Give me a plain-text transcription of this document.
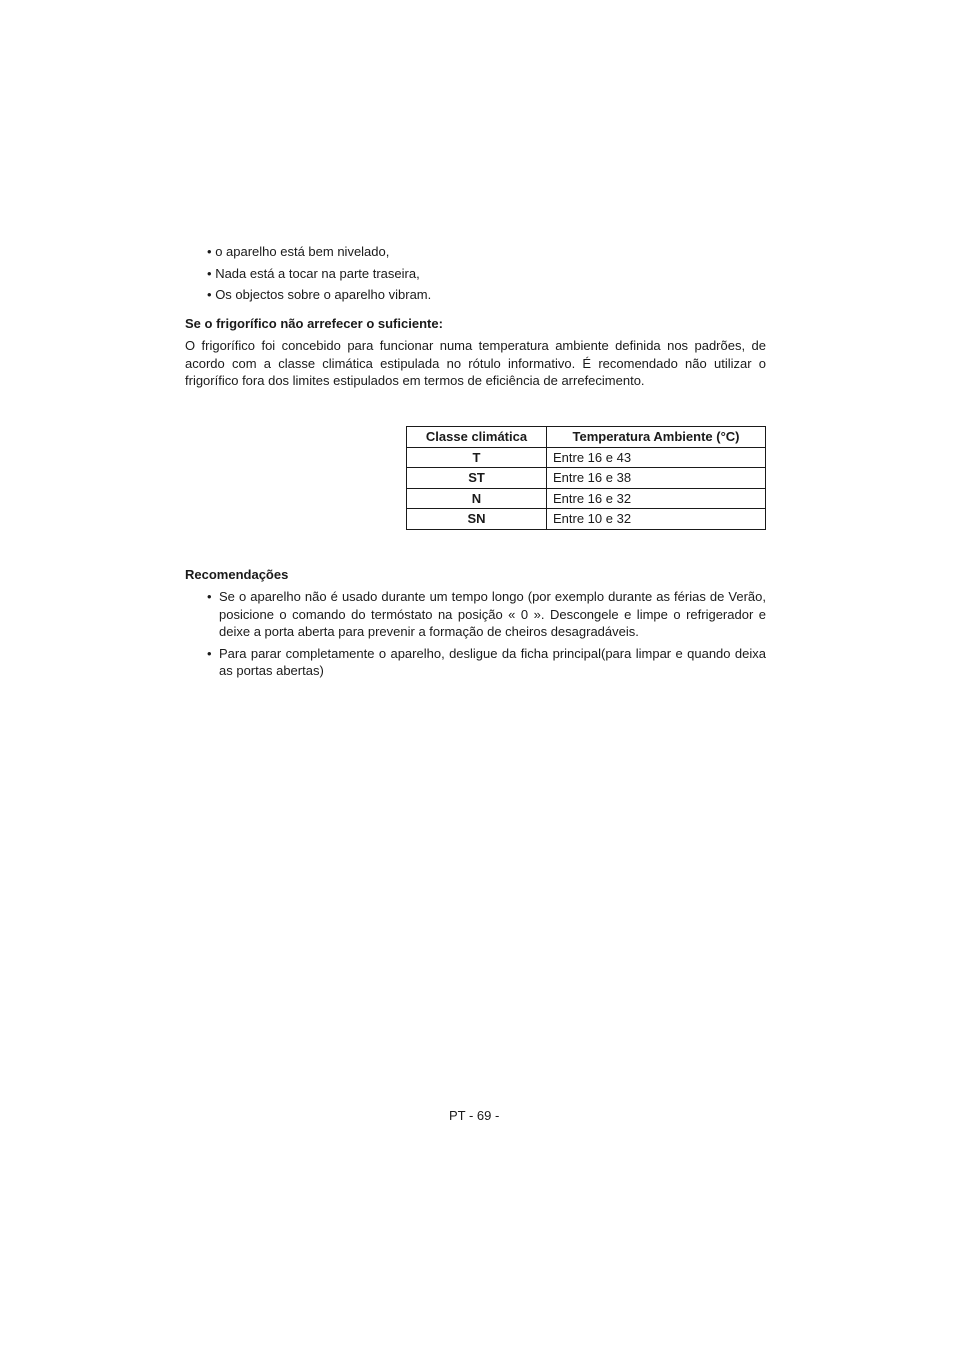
• o aparelho está bem nivelado,
• Nada está a tocar na parte traseira,
• Os objectos sobre o aparelho vibram.
Se o frigorífico não arrefecer o suficiente:
O frigorífico foi concebido para funcionar numa temperatura ambiente definida nos padrões, de acordo com a classe climática estipulada no rótulo informativo. É recomendado não utilizar o frigorífico fora dos limites estipulados em termos de eficiência de arrefecimento.
Classe climática	Temperatura Ambiente (°C)
T	Entre 16 e 43
ST	Entre 16 e 38
N	Entre 16 e 32
SN	Entre 10 e 32
Recomendações
• Se o aparelho não é usado durante um tempo longo (por exemplo durante as férias de Verão, posicione o comando do termóstato na posição « 0 ». Descongele e limpe o refrigerador e deixe a porta aberta para prevenir a formação de cheiros desagradáveis.
• Para parar completamente o aparelho, desligue da ficha principal(para limpar e quando deixa as portas abertas)
PT - 69 -
